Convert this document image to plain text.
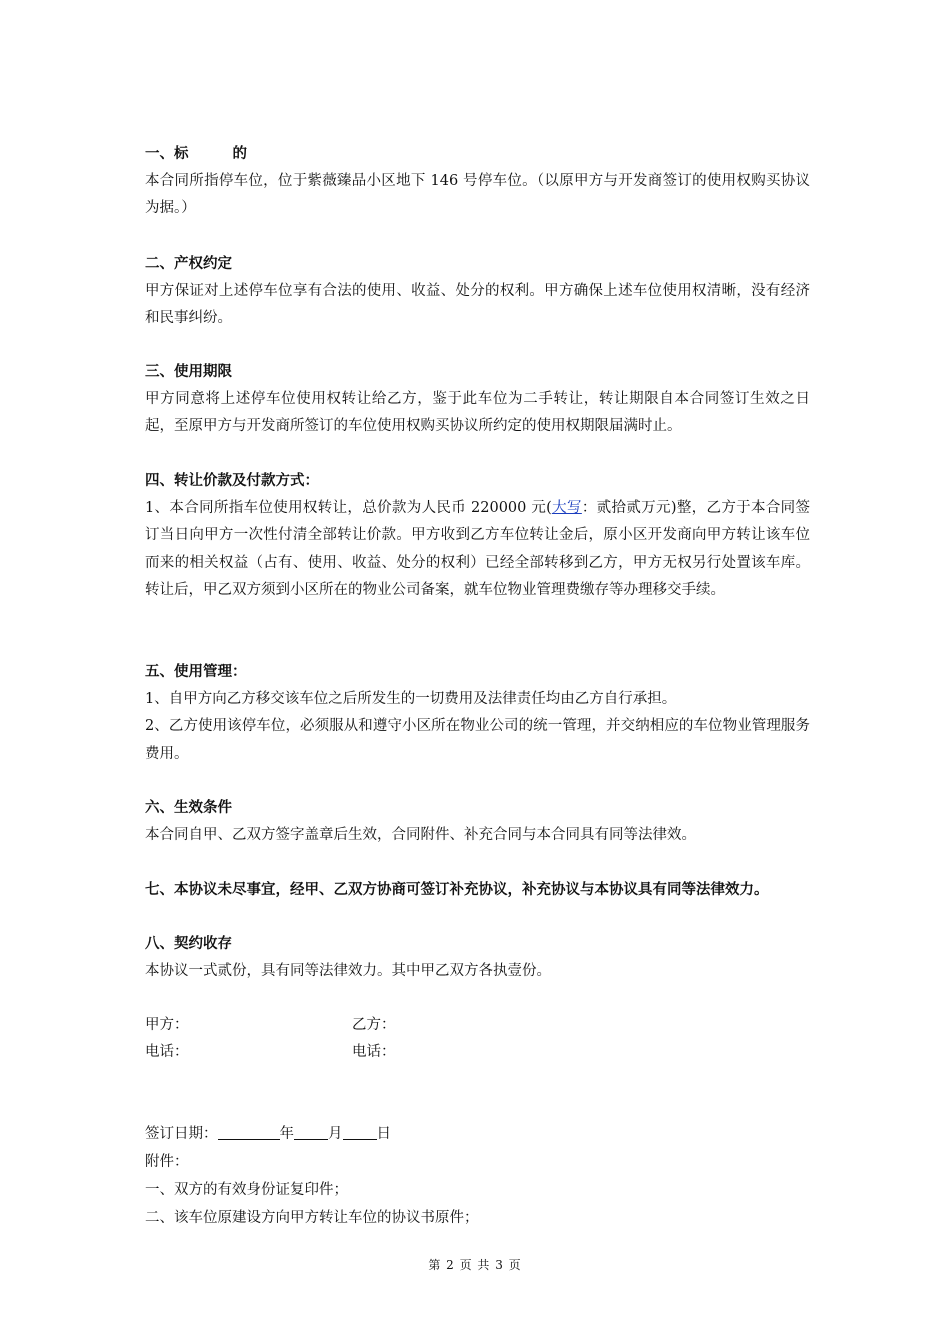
一、标	的

本合同所指停车位，位于紫薇臻品小区地下 146 号停车位。（以原甲方与开发商签订的使用权购买协议为据。）

二、产权约定

甲方保证对上述停车位享有合法的使用、收益、处分的权利。甲方确保上述车位使用权清晰，没有经济和民事纠纷。

三、使用期限

甲方同意将上述停车位使用权转让给乙方，鉴于此车位为二手转让，转让期限自本合同签订生效之日起，至原甲方与开发商所签订的车位使用权购买协议所约定的使用权期限届满时止。

四、转让价款及付款方式：

1、本合同所指车位使用权转让，总价款为人民币 220000 元(大写：贰拾贰万元)整，乙方于本合同签订当日向甲方一次性付清全部转让价款。甲方收到乙方车位转让金后，原小区开发商向甲方转让该车位而来的相关权益（占有、使用、收益、处分的权利）已经全部转移到乙方，甲方无权另行处置该车库。转让后，甲乙双方须到小区所在的物业公司备案，就车位物业管理费缴存等办理移交手续。

五、使用管理：

1、自甲方向乙方移交该车位之后所发生的一切费用及法律责任均由乙方自行承担。

2、乙方使用该停车位，必须服从和遵守小区所在物业公司的统一管理，并交纳相应的车位物业管理服务费用。

六、生效条件

本合同自甲、乙双方签字盖章后生效，合同附件、补充合同与本合同具有同等法律效。

七、本协议未尽事宜，经甲、乙双方协商可签订补充协议，补充协议与本协议具有同等法律效力。
八、契约收存

本协议一式贰份，具有同等法律效力。其中甲乙双方各执壹份。

甲方：	乙方：
电话：	电话：
签订日期：	年 月 日
附件：
一、双方的有效身份证复印件；
二、该车位原建设方向甲方转让车位的协议书原件；
第 2 页 共 3 页
